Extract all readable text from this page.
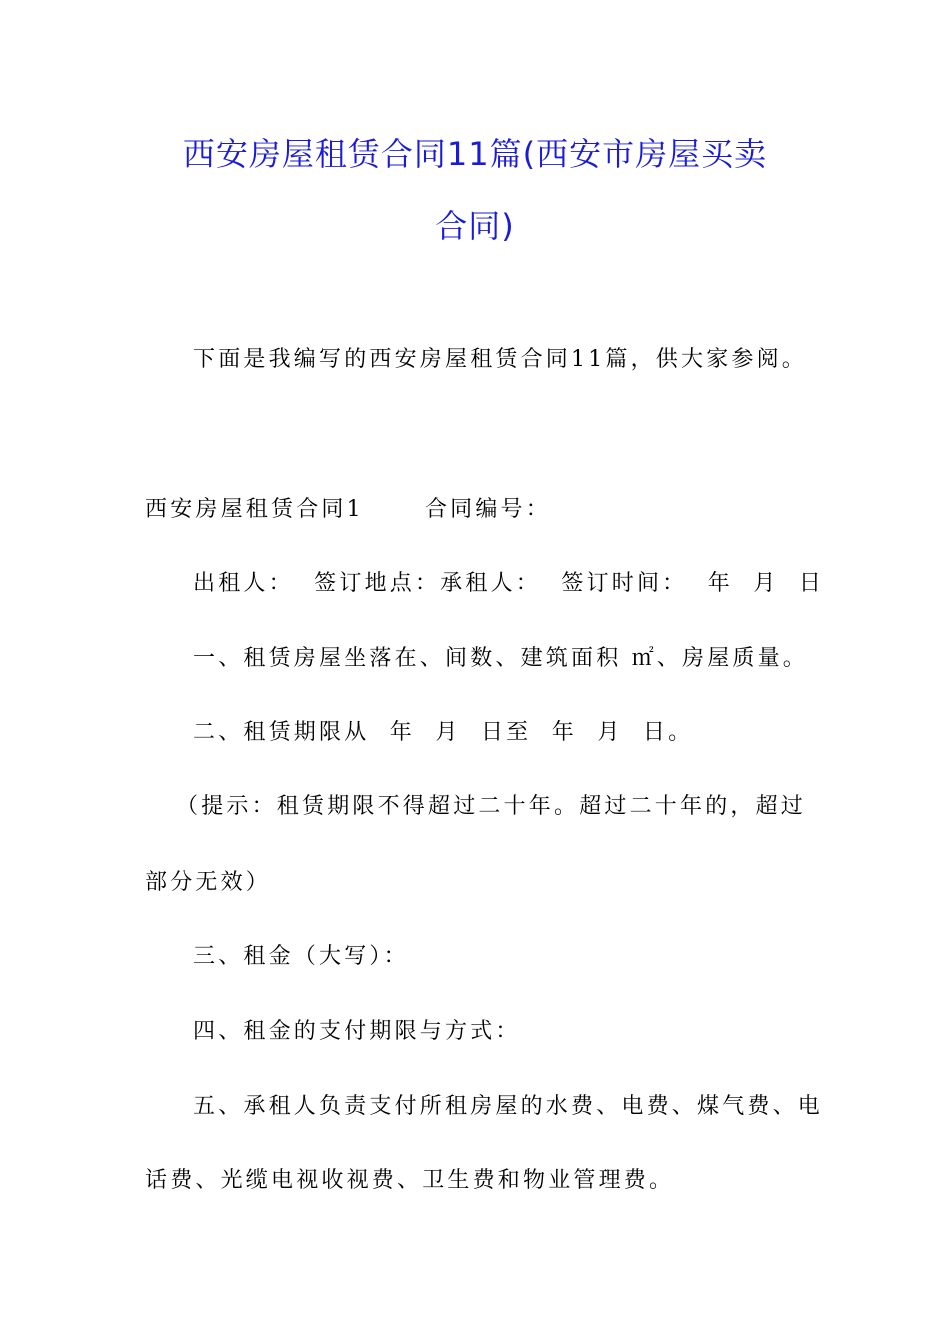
西安房屋租赁合同11篇(西安市房屋买卖
合同)
下面是我编写的西安房屋租赁合同11篇，供大家参阅。
西安房屋租赁合同1      合同编号：
出租人：  签订地点：承租人：  签订时间：  年  月  日
一、租赁房屋坐落在、间数、建筑面积 ㎡、房屋质量。
二、租赁期限从  年  月  日至  年  月  日。
（提示：租赁期限不得超过二十年。超过二十年的，超过
部分无效）
三、租金（大写）：
四、租金的支付期限与方式：
五、承租人负责支付所租房屋的水费、电费、煤气费、电
话费、光缆电视收视费、卫生费和物业管理费。
